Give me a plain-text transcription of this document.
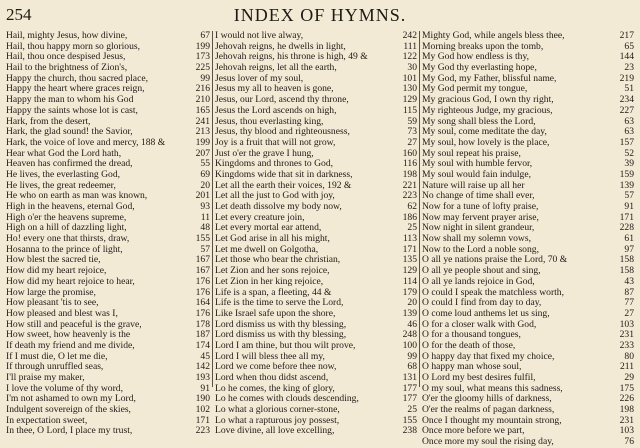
254	INDEX OF HYMNS.
Hail, mighty Jesus, how divine,	67
Hail, thou happy morn so glorious,	199
Hail, thou once despised Jesus,	173
Hail to the brightness of Zion's,	225
Happy the church, thou sacred place,	99
Happy the heart where graces reign,	216
Happy the man to whom his God	210
Happy the saints whose lot is cast,	165
Hark, from the desert,	241
Hark, the glad sound! the Savior,	213
Hark, the voice of love and mercy, 188 &	199
Hear what God the Lord hath,	207
Heaven has confirmed the dread,	55
He lives, the everlasting God,	69
He lives, the great redeemer,	20
He who on earth as man was known,	201
High in the heavens, eternal God,	93
High o'er the heavens supreme,	11
High on a hill of dazzling light,	48
Ho! every one that thirsts, draw,	155
Hosanna to the prince of light,	57
How blest the sacred tie,	167
How did my heart rejoice,	167
How did my heart rejoice to hear,	176
How large the promise,	176
How pleasant 'tis to see,	164
How pleased and blest was I,	176
How still and peaceful is the grave,	178
How sweet, how heavenly is the	187
If death my friend and me divide,	174
If I must die, O let me die,	45
If through unruffled seas,	142
I'll praise my maker,	193
I love the volume of thy word,	91
I'm not ashamed to own my Lord,	190
Indulgent sovereign of the skies,	102
In expectation sweet,	171
In thee, O Lord, I place my trust,	223
I would not live alway,	242
Jehovah reigns, he dwells in light,	111
Jehovah reigns, his throne is high, 49 &	122
Jehovah reigns, let all the earth,	30
Jesus lover of my soul,	101
Jesus my all to heaven is gone,	130
Jesus, our Lord, ascend thy throne,	129
Jesus the Lord ascends on high,	115
Jesus, thou everlasting king,	59
Jesus, thy blood and righteousness,	73
Joy is a fruit that will not grow,	27
Just o'er the grave I hung,	160
Kingdoms and thrones to God,	116
Kingdoms wide that sit in darkness,	198
Let all the earth their voices, 192 &	221
Let all the just to God with joy,	223
Let death dissolve my body now,	62
Let every creature join,	186
Let every mortal ear attend,	25
Let God arise in all his might,	113
Let me dwell on Golgotha,	171
Let those who bear the christian,	135
Let Zion and her sons rejoice,	129
Let Zion in her king rejoice,	114
Life is a span, a fleeting, 44 &	179
Life is the time to serve the Lord,	20
Like Israel safe upon the shore,	139
Lord dismiss us with thy blessing,	46
Lord dismiss us with thy blessing,	248
Lord I am thine, but thou wilt prove,	100
Lord I will bless thee all my,	99
Lord we come before thee now,	68
Lord when thou didst ascend,	131
Lo he comes, the king of glory,	177
Lo he comes with clouds descending,	177
Lo what a glorious corner-stone,	25
Lo what a rapturous joy possest,	155
Love divine, all love excelling,	238
Mighty God, while angels bless thee,	217
Morning breaks upon the tomb,	65
My God how endless is thy,	144
My God thy everlasting hope,	23
My God, my Father, blissful name,	219
My God permit my tongue,	51
My gracious God, I own thy right,	234
My righteous Judge, my gracious,	227
My song shall bless the Lord,	63
My soul, come meditate the day,	63
My soul, how lovely is the place,	157
My soul repeat his praise,	52
My soul with humble fervor,	39
My soul would fain indulge,	159
Nature will raise up all her	139
No change of time shall ever,	57
Now for a tune of lofty praise,	91
Now may fervent prayer arise,	171
Now night in silent grandeur,	228
Now shall my solemn vows,	61
Now to the Lord a noble song,	97
O all ye nations praise the Lord, 70 &	158
O all ye people shout and sing,	158
O all ye lands rejoice in God,	43
O could I speak the matchless worth,	87
O could I find from day to day,	77
O come loud anthems let us sing,	27
O for a closer walk with God,	103
O for a thousand tongues,	231
O for the death of those,	233
O happy day that fixed my choice,	80
O happy man whose soul,	211
O Lord my best desires fulfil,	29
O my soul, what means this sadness,	175
O'er the gloomy hills of darkness,	226
O'er the realms of pagan darkness,	198
Once I thought my mountain strong,	231
Once more before we part,	103
Once more my soul the rising day,	76
